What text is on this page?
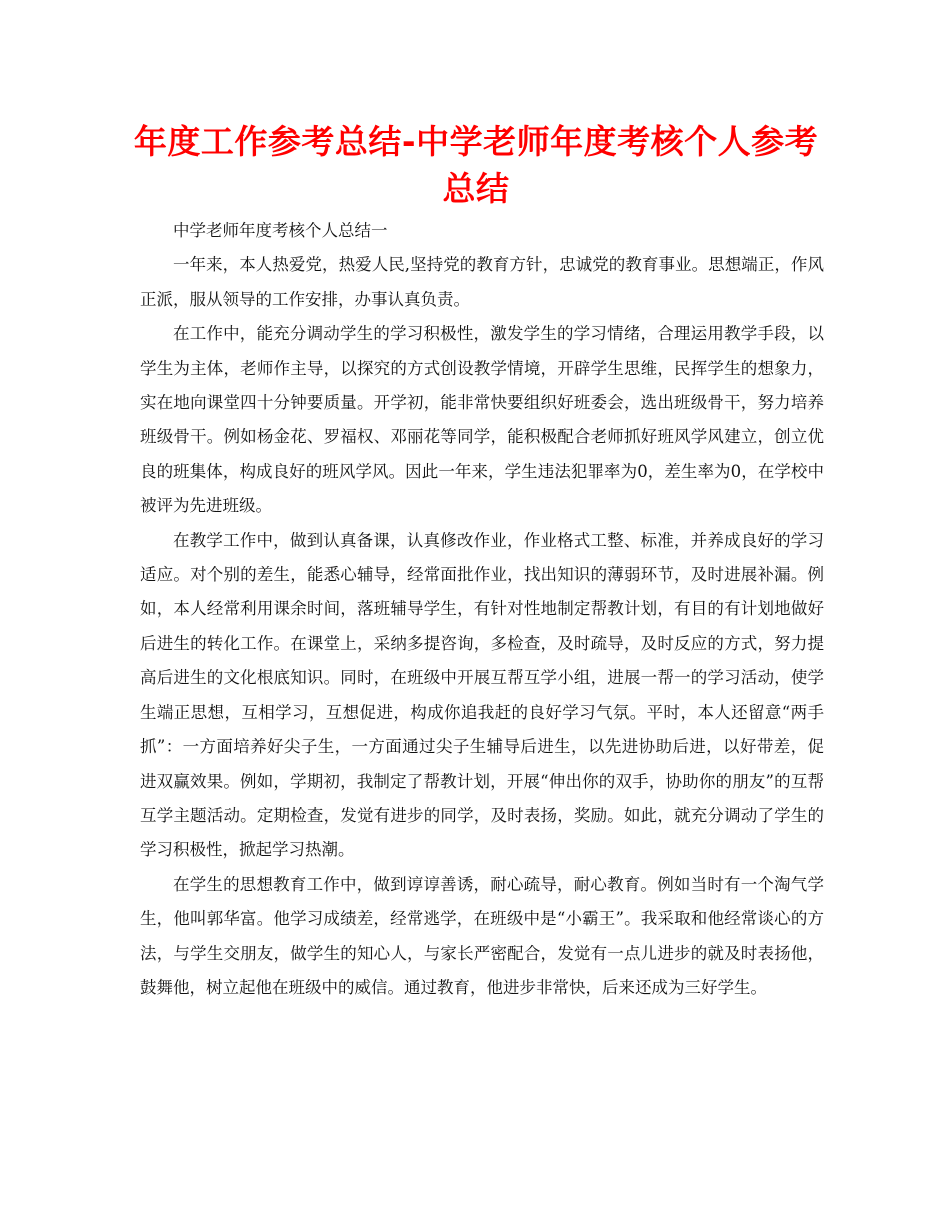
年度工作参考总结-中学老师年度考核个人参考总结

中学老师年度考核个人总结一

一年来，本人热爱党，热爱人民,坚持党的教育方针，忠诚党的教育事业。思想端正，作风正派，服从领导的工作安排，办事认真负责。

在工作中，能充分调动学生的学习积极性，激发学生的学习情绪，合理运用教学手段，以学生为主体，老师作主导，以探究的方式创设教学情境，开辟学生思维，民挥学生的想象力，实在地向课堂四十分钟要质量。开学初，能非常快要组织好班委会，选出班级骨干，努力培养班级骨干。例如杨金花、罗福权、邓丽花等同学，能积极配合老师抓好班风学风建立，创立优良的班集体，构成良好的班风学风。因此一年来，学生违法犯罪率为0，差生率为0，在学校中被评为先进班级。

在教学工作中，做到认真备课，认真修改作业，作业格式工整、标准，并养成良好的学习适应。对个别的差生，能悉心辅导，经常面批作业，找出知识的薄弱环节，及时进展补漏。例如，本人经常利用课余时间，落班辅导学生，有针对性地制定帮教计划，有目的有计划地做好后进生的转化工作。在课堂上，采纳多提咨询，多检查，及时疏导，及时反应的方式，努力提高后进生的文化根底知识。同时，在班级中开展互帮互学小组，进展一帮一的学习活动，使学生端正思想，互相学习，互想促进，构成你追我赶的良好学习气氛。平时，本人还留意“两手抓”：一方面培养好尖子生，一方面通过尖子生辅导后进生，以先进协助后进，以好带差，促进双赢效果。例如，学期初，我制定了帮教计划，开展“伸出你的双手，协助你的朋友”的互帮互学主题活动。定期检查，发觉有进步的同学，及时表扬，奖励。如此，就充分调动了学生的学习积极性，掀起学习热潮。

在学生的思想教育工作中，做到谆谆善诱，耐心疏导，耐心教育。例如当时有一个淘气学生，他叫郭华富。他学习成绩差，经常逃学，在班级中是“小霸王”。我采取和他经常谈心的方法，与学生交朋友，做学生的知心人，与家长严密配合，发觉有一点儿进步的就及时表扬他，鼓舞他，树立起他在班级中的威信。通过教育，他进步非常快，后来还成为三好学生。
